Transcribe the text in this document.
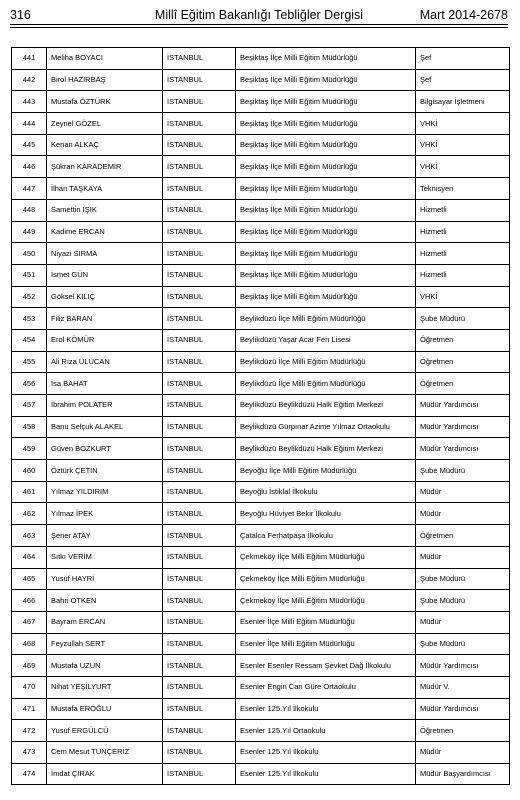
316	Millî Eğitim Bakanlığı Tebliğler Dergisi	Mart 2014-2678
441	Meliha BOYACI	İSTANBUL	Beşiktaş İlçe Milli Eğitim Müdürlüğü	Şef
442	Birol HAZIRBAŞ	İSTANBUL	Beşiktaş İlçe Milli Eğitim Müdürlüğü	Şef
443	Mustafa ÖZTÜRK	İSTANBUL	Beşiktaş İlçe Milli Eğitim Müdürlüğü	Bilgisayar İşletmeni
444	Zeynel GÖZEL	İSTANBUL	Beşiktaş İlçe Milli Eğitim Müdürlüğü	VHKİ
445	Kenan ALKAÇ	İSTANBUL	Beşiktaş İlçe Milli Eğitim Müdürlüğü	VHKİ
446	Şükran KARADEMİR	İSTANBUL	Beşiktaş İlçe Milli Eğitim Müdürlüğü	VHKİ
447	İlhan TAŞKAYA	İSTANBUL	Beşiktaş İlçe Milli Eğitim Müdürlüğü	Teknisyen
448	Samettin IŞIK	İSTANBUL	Beşiktaş İlçe Milli Eğitim Müdürlüğü	Hizmetli
449	Kadime ERCAN	İSTANBUL	Beşiktaş İlçe Milli Eğitim Müdürlüğü	Hizmetli
450	Niyazi SIRMA	İSTANBUL	Beşiktaş İlçe Milli Eğitim Müdürlüğü	Hizmetli
451	İsmet GÜN	İSTANBUL	Beşiktaş İlçe Milli Eğitim Müdürlüğü	Hizmetli
452	Göksel KILIÇ	İSTANBUL	Beşiktaş İlçe Milli Eğitim Müdürlüğü	VHKİ
453	Filiz BARAN	İSTANBUL	Beylikdüzü İlçe Milli Eğitim Müdürlüğü	Şube Müdürü
454	Erol KÖMÜR	İSTANBUL	Beylikdüzü Yaşar Acar Fen Lisesi	Öğretmen
455	Ali Rıza ULUCAN	İSTANBUL	Beylikdüzü İlçe Milli Eğitim Müdürlüğü	Öğretmen
456	İsa BAHAT	İSTANBUL	Beylikdüzü İlçe Milli Eğitim Müdürlüğü	Öğretmen
457	İbrahim POLATER	İSTANBUL	Beylikdüzü Beylikdüzü Halk Eğitim Merkezi	Müdür Yardımcısı
458	Banu Selçuk ALAKEL	İSTANBUL	Beylikdüzü Gürpınar Azime Yılmaz Ortaokulu	Müdür Yardımcısı
459	Güven BOZKURT	İSTANBUL	Beylikdüzü Beylikdüzü Halk Eğitim Merkezi	Müdür Yardımcısı
460	Öztürk ÇETİN	İSTANBUL	Beyoğlu İlçe Milli Eğitim Müdürlüğü	Şube Müdürü
461	Yılmaz YILDIRIM	İSTANBUL	Beyoğlu İstiklal İlkokulu	Müdür
462	Yılmaz İPEK	İSTANBUL	Beyoğlu Hüviyet Bekir İlkokulu	Müdür
463	Şener ATAY	İSTANBUL	Çatalca Ferhatpaşa İlkokulu	Öğretmen
464	Sıtkı VERİM	İSTANBUL	Çekmeköy İlçe Milli Eğitim Müdürlüğü	Müdür
465	Yusuf HAYRİ	İSTANBUL	Çekmeköy İlçe Milli Eğitim Müdürlüğü	Şube Müdürü
466	Bahri OTKEN	İSTANBUL	Çekmeköy İlçe Milli Eğitim Müdürlüğü	Şube Müdürü
467	Bayram ERCAN	İSTANBUL	Esenler İlçe Milli Eğitim Müdürlüğü	Müdür
468	Feyzullah SERT	İSTANBUL	Esenler İlçe Milli Eğitim Müdürlüğü	Şube Müdürü
469	Mustafa UZUN	İSTANBUL	Esenler Esenler Ressam Şevket Dağ İlkokulu	Müdür Yardımcısı
470	Nihat YEŞİLYURT	İSTANBUL	Esenler Engin Can Güre Ortaokulu	Müdür V.
471	Mustafa EROĞLU	İSTANBUL	Esenler 125.Yıl İlkokulu	Müdür Yardımcısı
472	Yusuf ERGÜLCÜ	İSTANBUL	Esenler 125.Yıl Ortaokulu	Öğretmen
473	Cem Mesut TUNÇERİZ	İSTANBUL	Esenler 125.Yıl İlkokulu	Müdür
474	İmdat ÇIRAK	İSTANBUL	Esenler 125.Yıl İlkokulu	Müdür Başyardımcısı
